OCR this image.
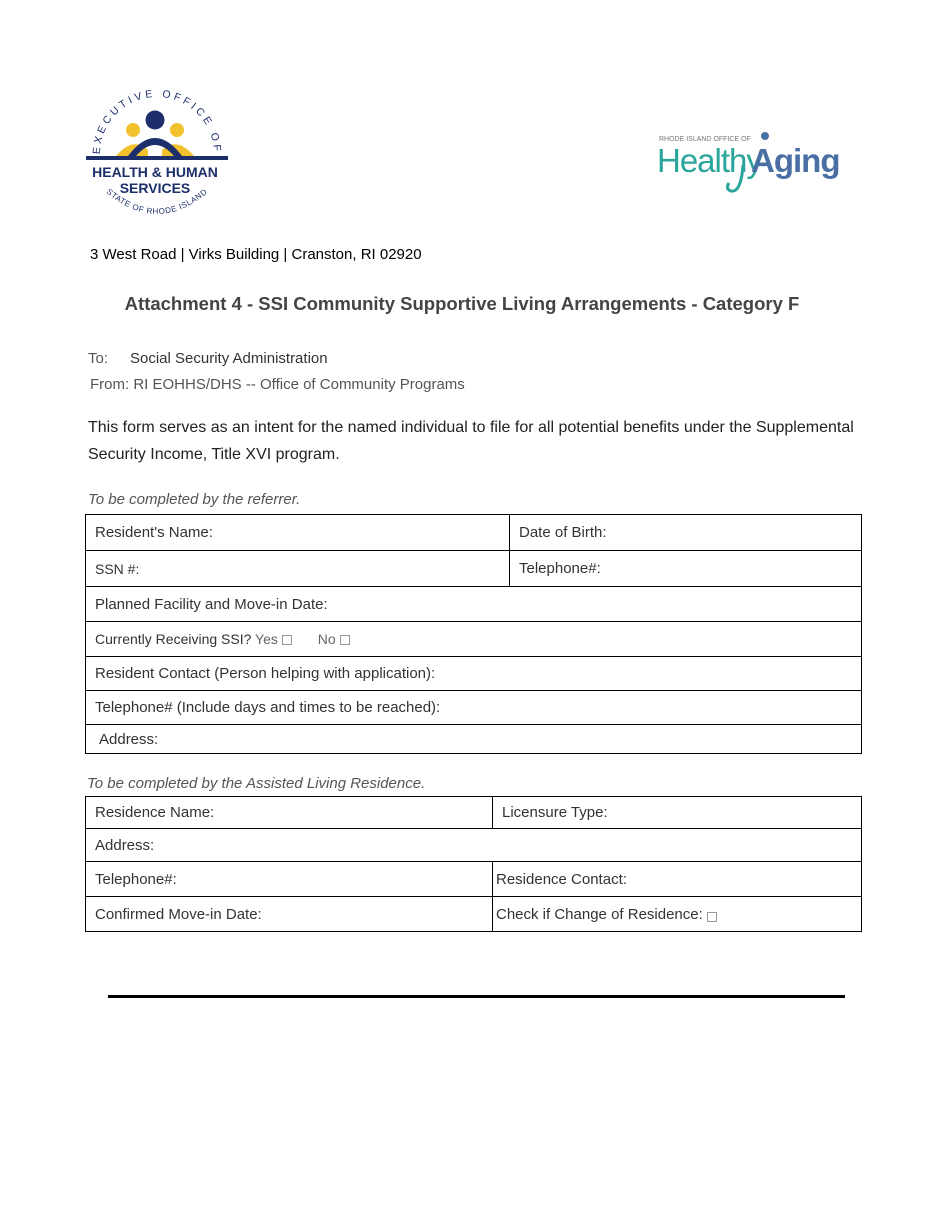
EXECUTIVE OFFICE OF
HEALTH & HUMAN
SERVICES
STATE OF RHODE ISLAND
RHODE ISLAND OFFICE OF
Healthy
Aging
3 West Road | Virks Building | Cranston, RI 02920
Attachment 4 - SSI Community Supportive Living Arrangements - Category F
To: Social Security Administration
From: RI EOHHS/DHS -- Office of Community Programs
This form serves as an intent for the named individual to file for all potential benefits under the Supplemental Security Income, Title XVI program.
To be completed by the referrer.
Resident's Name:	Date of Birth:
SSN #:	Telephone#:
Planned Facility and Move-in Date:	
Currently Receiving SSI? Yes No	
Resident Contact (Person helping with application):	
Telephone# (Include days and times to be reached):	
Address:	
To be completed by the Assisted Living Residence.
Residence Name:	Licensure Type:
Address:	
Telephone#:	Residence Contact:
Confirmed Move-in Date:	Check if Change of Residence:
